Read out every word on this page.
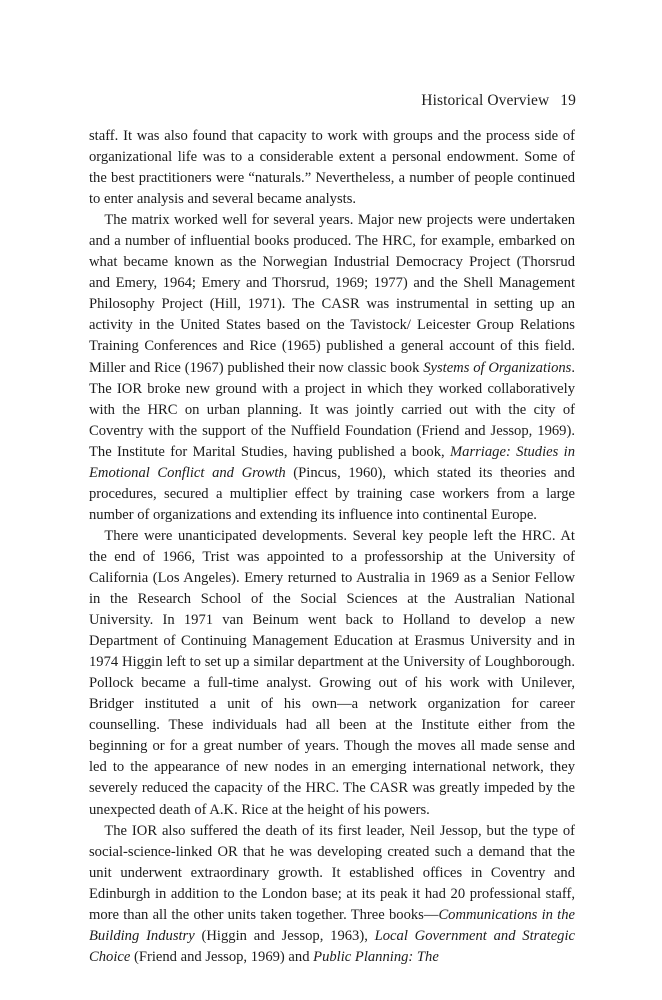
Historical Overview 19

staff. It was also found that capacity to work with groups and the process side of organizational life was to a considerable extent a personal endowment. Some of the best practitioners were “naturals.” Nevertheless, a number of people continued to enter analysis and several became analysts.

The matrix worked well for several years. Major new projects were undertaken and a number of influential books produced. The HRC, for example, embarked on what became known as the Norwegian Industrial Democracy Project (Thorsrud and Emery, 1964; Emery and Thorsrud, 1969; 1977) and the Shell Management Philosophy Project (Hill, 1971). The CASR was instrumental in setting up an activity in the United States based on the Tavistock/ Leicester Group Relations Training Conferences and Rice (1965) published a general account of this field. Miller and Rice (1967) published their now classic book Systems of Organizations. The IOR broke new ground with a project in which they worked collaboratively with the HRC on urban planning. It was jointly carried out with the city of Coventry with the support of the Nuffield Foundation (Friend and Jessop, 1969). The Institute for Marital Studies, having published a book, Marriage: Studies in Emotional Conflict and Growth (Pincus, 1960), which stated its theories and procedures, secured a multiplier effect by training case workers from a large number of organizations and extending its influence into continental Europe.

There were unanticipated developments. Several key people left the HRC. At the end of 1966, Trist was appointed to a professorship at the University of California (Los Angeles). Emery returned to Australia in 1969 as a Senior Fellow in the Research School of the Social Sciences at the Australian National University. In 1971 van Beinum went back to Holland to develop a new Department of Continuing Management Education at Erasmus University and in 1974 Higgin left to set up a similar department at the University of Loughborough. Pollock became a full-time analyst. Growing out of his work with Unilever, Bridger instituted a unit of his own—a network organization for career counselling. These individuals had all been at the Institute either from the beginning or for a great number of years. Though the moves all made sense and led to the appearance of new nodes in an emerging international network, they severely reduced the capacity of the HRC. The CASR was greatly impeded by the unexpected death of A.K. Rice at the height of his powers.

The IOR also suffered the death of its first leader, Neil Jessop, but the type of social-science-linked OR that he was developing created such a demand that the unit underwent extraordinary growth. It established offices in Coventry and Edinburgh in addition to the London base; at its peak it had 20 professional staff, more than all the other units taken together. Three books—Communications in the Building Industry (Higgin and Jessop, 1963), Local Government and Strategic Choice (Friend and Jessop, 1969) and Public Planning: The
